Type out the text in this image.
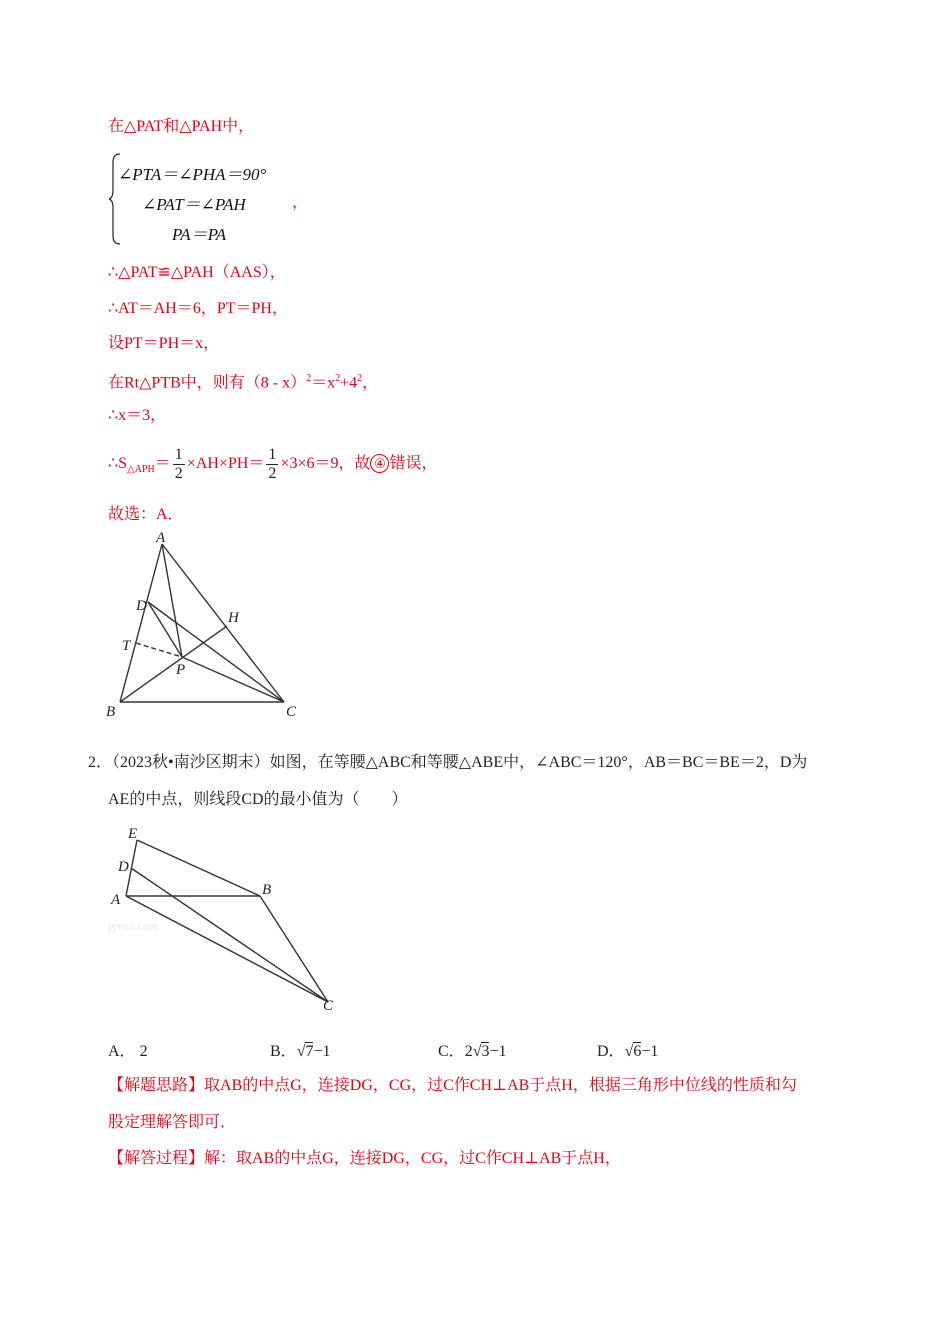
在△PAT和△PAH中，
∠PTA＝∠PHA＝90°
∠PAT＝∠PAH
PA＝PA
，
∴△PAT≌△PAH（AAS），
∴AT＝AH＝6，PT＝PH，
设PT＝PH＝x，
在Rt△PTB中，则有$(8 - x)^2=x^2+4^2$，
∴x＝3，
$\therefore S_{\triangle APH}= \frac{1}{2} \times AH\times PH= \frac{1}{2} \times 3\times 6=9$，故 ④ 错误，
故选：A．
A
D
H
T
P
B	C
2．（2023秋•南沙区期末）如图，在等腰△ABC和等腰△ABE中，∠ABC＝120°，AB＝BC＝BE＝2，D为
AE的中点，则线段CD的最小值为（　　）
jyeoo.com
E
D
A
B
C
A． 2	B．√7−1	C．2√3−1	D．√6−1
【解题思路】取AB的中点G，连接DG，CG，过C作CH⊥AB于点H，根据三角形中位线的性质和勾
股定理解答即可．
【解答过程】解：取AB的中点G，连接DG，CG，过C作CH⊥AB于点H，
